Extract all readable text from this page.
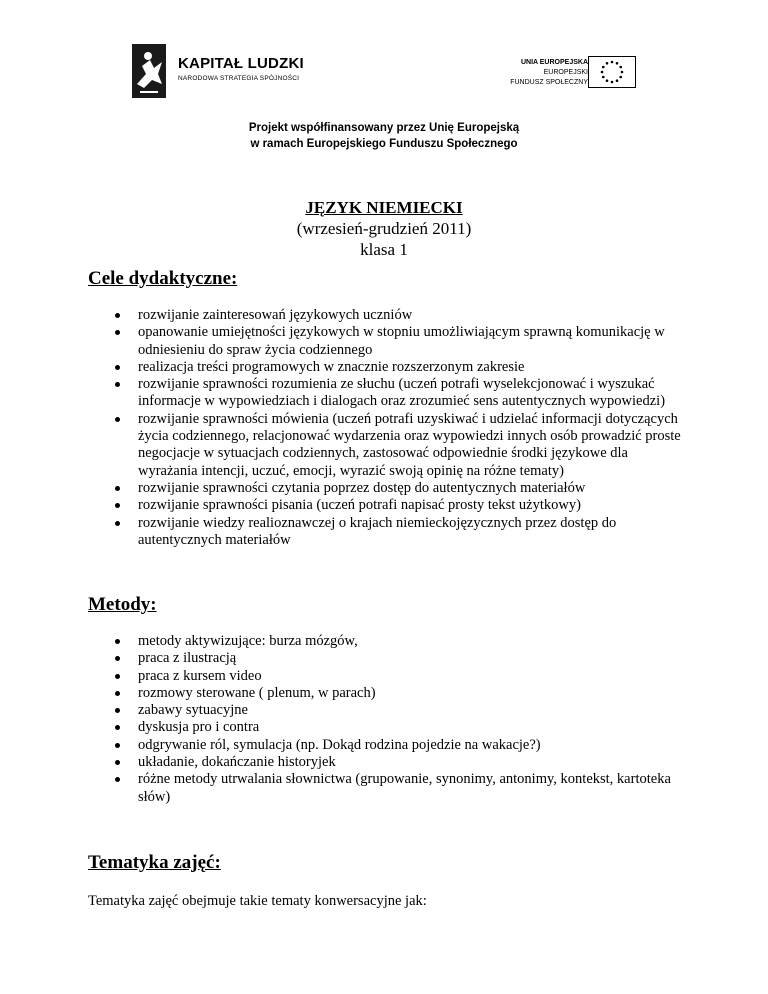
KAPITAŁ LUDZKI
NARODOWA STRATEGIA SPÓJNOŚCI
UNIA EUROPEJSKA
EUROPEJSKI
FUNDUSZ SPOŁECZNY
Projekt współfinansowany przez Unię Europejską
w ramach Europejskiego Funduszu Społecznego
JĘZYK NIEMIECKI
(wrzesień-grudzień 2011)
klasa 1
Cele dydaktyczne:
rozwijanie zainteresowań językowych uczniów
opanowanie umiejętności językowych w stopniu umożliwiającym sprawną komunikację w odniesieniu do spraw życia codziennego
realizacja treści programowych w znacznie rozszerzonym zakresie
rozwijanie sprawności rozumienia ze słuchu (uczeń potrafi wyselekcjonować i wyszukać informacje w wypowiedziach i dialogach oraz zrozumieć sens autentycznych wypowiedzi)
rozwijanie sprawności mówienia (uczeń potrafi uzyskiwać i udzielać informacji dotyczących życia codziennego, relacjonować wydarzenia oraz wypowiedzi innych osób prowadzić proste negocjacje w sytuacjach codziennych, zastosować odpowiednie środki językowe dla wyrażania intencji, uczuć, emocji, wyrazić swoją opinię na różne tematy)
rozwijanie sprawności czytania poprzez dostęp do autentycznych materiałów
rozwijanie sprawności pisania (uczeń potrafi napisać prosty tekst użytkowy)
rozwijanie wiedzy realioznawczej o krajach niemieckojęzycznych przez dostęp do autentycznych materiałów
Metody:
metody aktywizujące: burza mózgów,
praca z ilustracją
praca z kursem video
rozmowy sterowane ( plenum, w parach)
zabawy sytuacyjne
dyskusja pro i contra
odgrywanie ról, symulacja (np. Dokąd rodzina pojedzie na wakacje?)
układanie, dokańczanie historyjek
różne metody utrwalania słownictwa (grupowanie, synonimy, antonimy, kontekst, kartoteka słów)
Tematyka zajęć:
Tematyka zajęć obejmuje takie tematy konwersacyjne jak:
